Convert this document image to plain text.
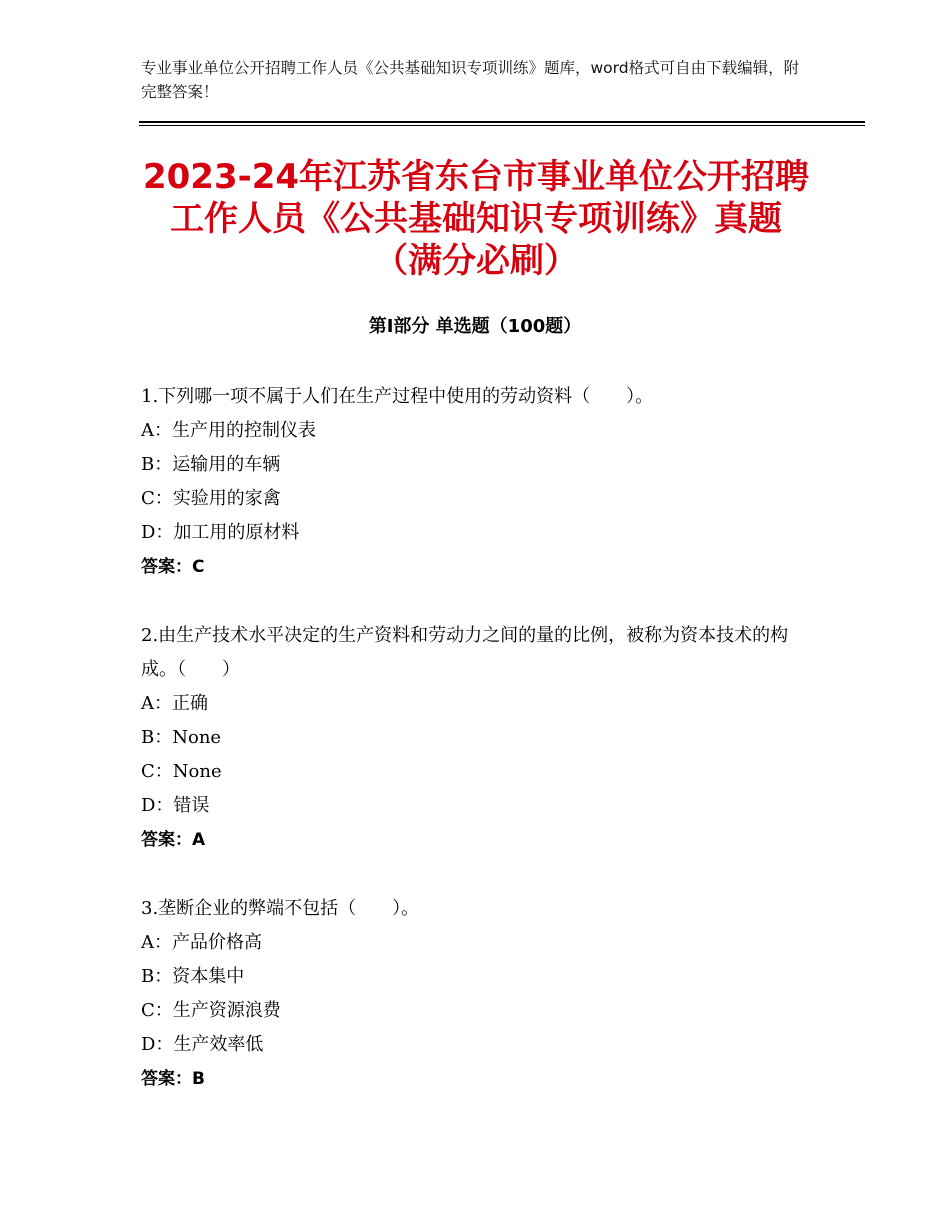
专业事业单位公开招聘工作人员《公共基础知识专项训练》题库，word格式可自由下载编辑，附完整答案！
2023-24年江苏省东台市事业单位公开招聘
工作人员《公共基础知识专项训练》真题
（满分必刷）
第Ⅰ部分 单选题（100题）
1.下列哪一项不属于人们在生产过程中使用的劳动资料（　　）。
A：生产用的控制仪表
B：运输用的车辆
C：实验用的家禽
D：加工用的原材料
答案：C
2.由生产技术水平决定的生产资料和劳动力之间的量的比例，被称为资本技术的构成。（　　）
A：正确
B：None
C：None
D：错误
答案：A
3.垄断企业的弊端不包括（　　）。
A：产品价格高
B：资本集中
C：生产资源浪费
D：生产效率低
答案：B
